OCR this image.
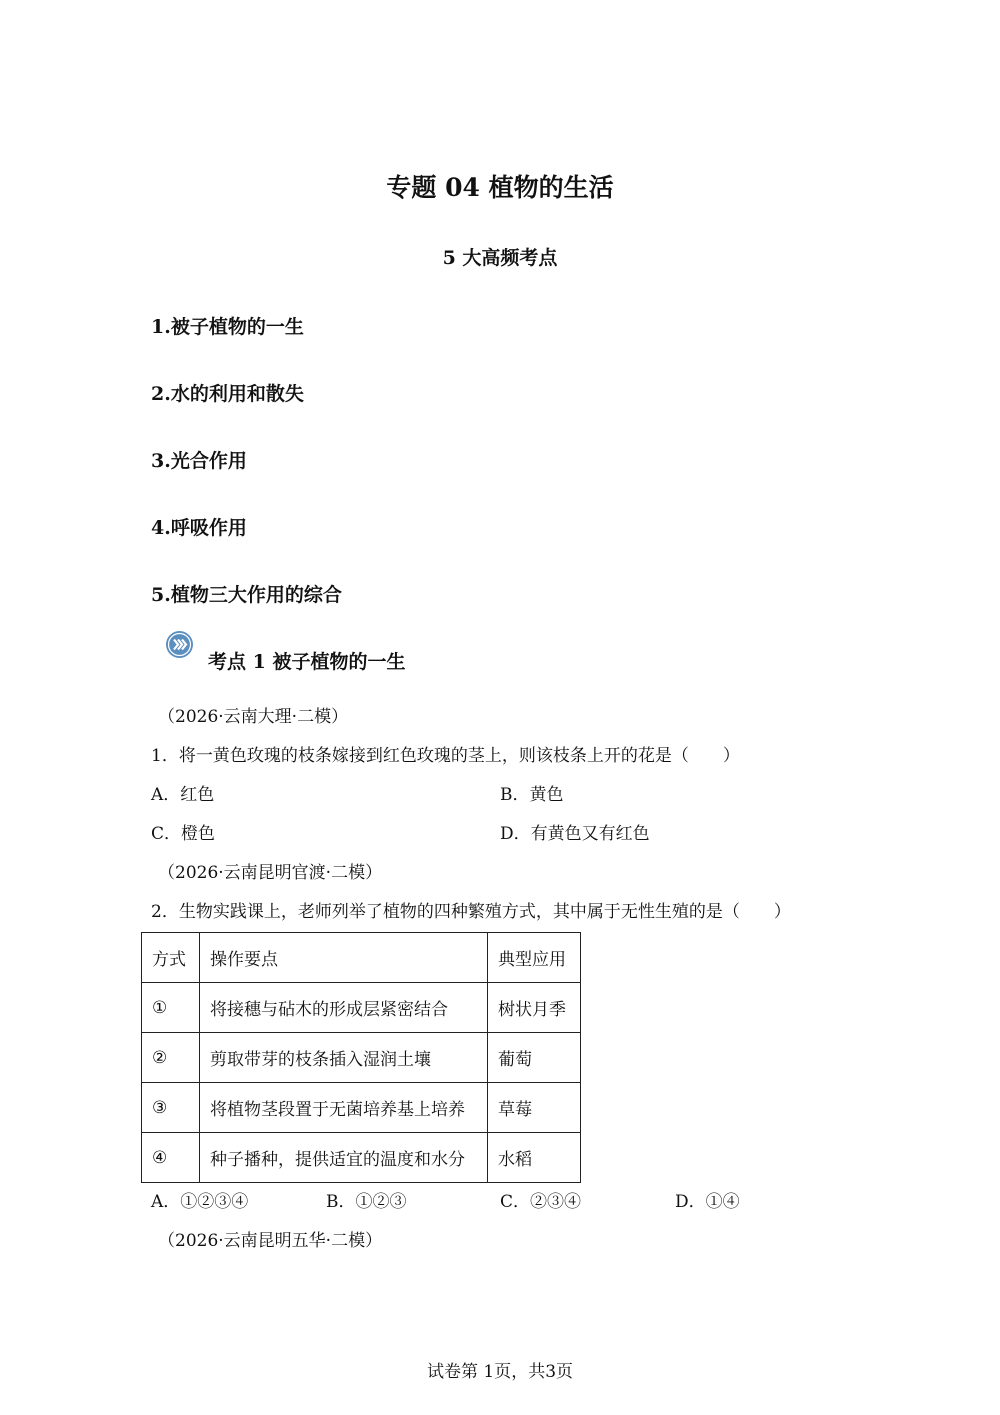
专题 04 植物的生活
5 大高频考点
1.被子植物的一生
2.水的利用和散失
3.光合作用
4.呼吸作用
5.植物三大作用的综合
考点 1 被子植物的一生
（2026·云南大理·二模）
1．将一黄色玫瑰的枝条嫁接到红色玫瑰的茎上，则该枝条上开的花是（　　）
A．红色	B．黄色
C．橙色	D．有黄色又有红色
（2026·云南昆明官渡·二模）
2．生物实践课上，老师列举了植物的四种繁殖方式，其中属于无性生殖的是（　　）
方式	操作要点	典型应用
①	将接穗与砧木的形成层紧密结合	树状月季
②	剪取带芽的枝条插入湿润土壤	葡萄
③	将植物茎段置于无菌培养基上培养	草莓
④	种子播种，提供适宜的温度和水分	水稻
A．①②③④	B．①②③	C．②③④	D．①④
（2026·云南昆明五华·二模）
试卷第 1页，共3页
